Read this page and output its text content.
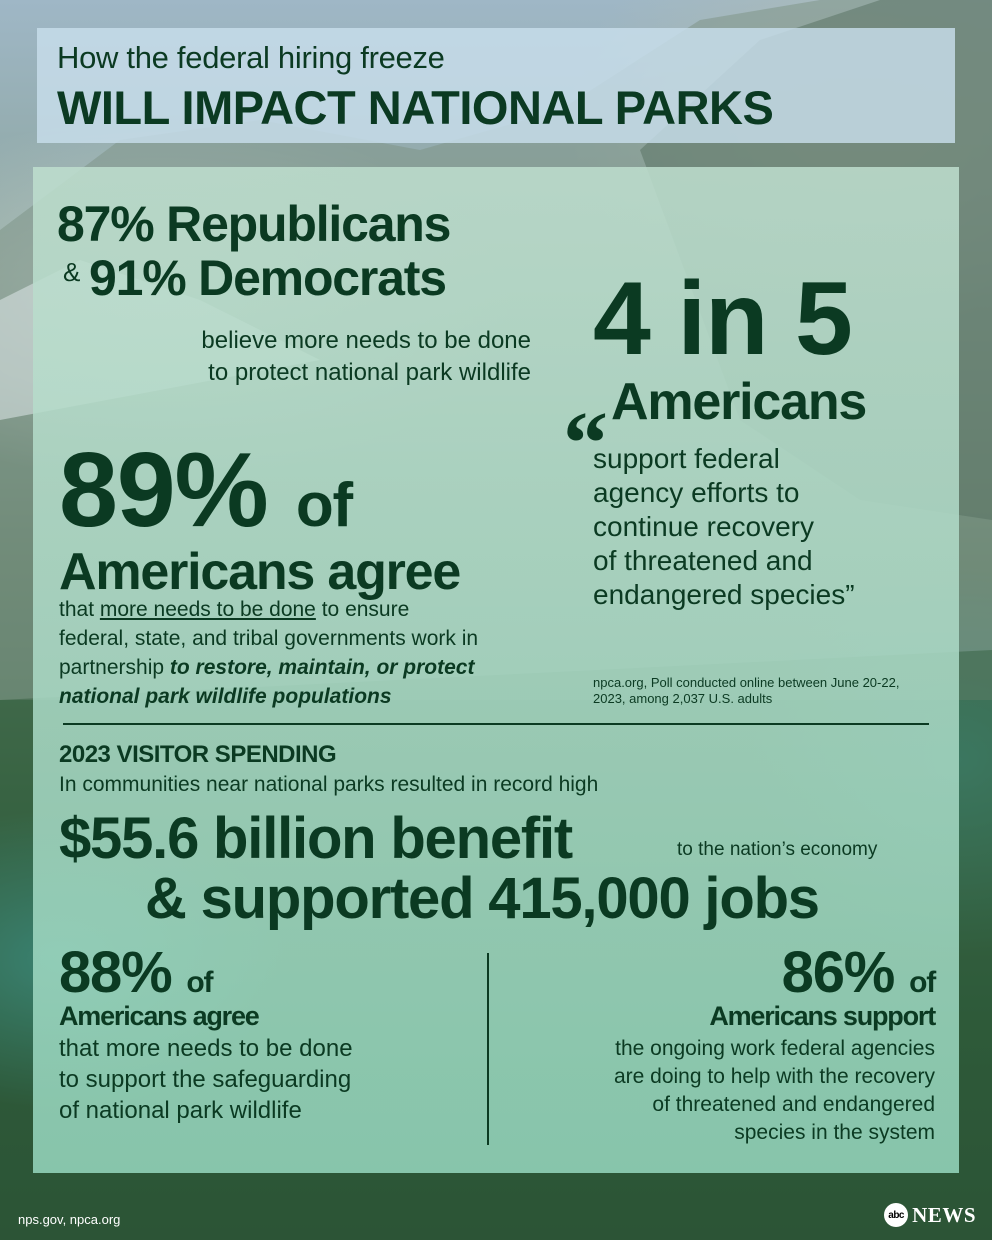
How the federal hiring freeze
WILL IMPACT NATIONAL PARKS
87% Republicans
& 91% Democrats
believe more needs to be done
to protect national park wildlife
89% of
Americans agree
that more needs to be done to ensure
federal, state, and tribal governments work in
partnership to restore, maintain, or protect
national park wildlife populations
4 in 5
Americans
“
support federal
agency efforts to
continue recovery
of threatened and
endangered species”
npca.org, Poll conducted online between June 20-22,
2023, among 2,037 U.S. adults
2023 VISITOR SPENDING
In communities near national parks resulted in record high
$55.6 billion benefit	to the nation’s economy
& supported 415,000 jobs
88% of
Americans agree
that more needs to be done
to support the safeguarding
of national park wildlife
86% of
Americans support
the ongoing work federal agencies
are doing to help with the recovery
of threatened and endangered
species in the system
nps.gov, npca.org	abc NEWS
